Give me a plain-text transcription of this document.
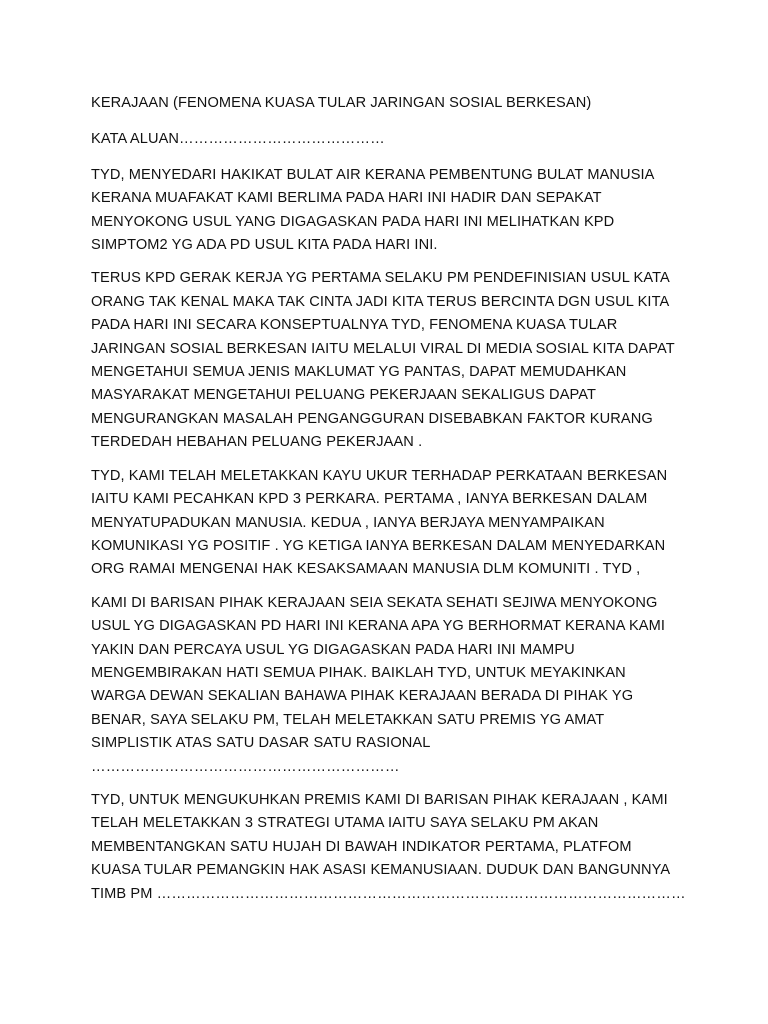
KERAJAAN (FENOMENA KUASA TULAR JARINGAN SOSIAL BERKESAN)

KATA ALUAN……………………………………

TYD, MENYEDARI HAKIKAT BULAT AIR KERANA PEMBENTUNG BULAT MANUSIA
KERANA MUAFAKAT KAMI BERLIMA PADA HARI INI HADIR DAN SEPAKAT
MENYOKONG USUL YANG DIGAGASKAN PADA HARI INI MELIHATKAN KPD
SIMPTOM2 YG ADA PD USUL KITA PADA HARI INI.

TERUS KPD GERAK KERJA YG PERTAMA SELAKU PM PENDEFINISIAN USUL KATA
ORANG TAK KENAL MAKA TAK CINTA JADI KITA TERUS BERCINTA DGN USUL KITA
PADA HARI INI SECARA KONSEPTUALNYA TYD, FENOMENA KUASA TULAR
JARINGAN SOSIAL BERKESAN IAITU MELALUI VIRAL DI MEDIA SOSIAL KITA DAPAT
MENGETAHUI SEMUA JENIS MAKLUMAT YG PANTAS, DAPAT MEMUDAHKAN
MASYARAKAT MENGETAHUI PELUANG PEKERJAAN SEKALIGUS DAPAT
MENGURANGKAN MASALAH PENGANGGURAN DISEBABKAN FAKTOR KURANG
TERDEDAH HEBAHAN PELUANG PEKERJAAN .

TYD, KAMI TELAH MELETAKKAN KAYU UKUR TERHADAP PERKATAAN BERKESAN
IAITU KAMI PECAHKAN KPD 3 PERKARA. PERTAMA , IANYA BERKESAN DALAM
MENYATUPADUKAN MANUSIA. KEDUA , IANYA BERJAYA MENYAMPAIKAN
KOMUNIKASI YG POSITIF . YG KETIGA IANYA BERKESAN DALAM MENYEDARKAN
ORG RAMAI MENGENAI HAK KESAKSAMAAN MANUSIA DLM KOMUNITI . TYD ,

KAMI DI BARISAN PIHAK KERAJAAN SEIA SEKATA SEHATI SEJIWA MENYOKONG
USUL YG DIGAGASKAN PD HARI INI KERANA APA YG BERHORMAT KERANA KAMI
YAKIN DAN PERCAYA USUL YG DIGAGASKAN PADA HARI INI MAMPU
MENGEMBIRAKAN HATI SEMUA PIHAK. BAIKLAH TYD, UNTUK MEYAKINKAN
WARGA DEWAN SEKALIAN BAHAWA PIHAK KERAJAAN BERADA DI PIHAK YG
BENAR, SAYA SELAKU PM, TELAH MELETAKKAN SATU PREMIS YG AMAT
SIMPLISTIK ATAS SATU DASAR SATU RASIONAL ………………………………………………………

TYD, UNTUK MENGUKUHKAN PREMIS KAMI DI BARISAN PIHAK KERAJAAN , KAMI
TELAH MELETAKKAN 3 STRATEGI UTAMA IAITU SAYA SELAKU PM AKAN
MEMBENTANGKAN SATU HUJAH DI BAWAH INDIKATOR PERTAMA, PLATFOM
KUASA TULAR PEMANGKIN HAK ASASI KEMANUSIAAN. DUDUK DAN BANGUNNYA
TIMB PM ………………………………………………………………………………………………
